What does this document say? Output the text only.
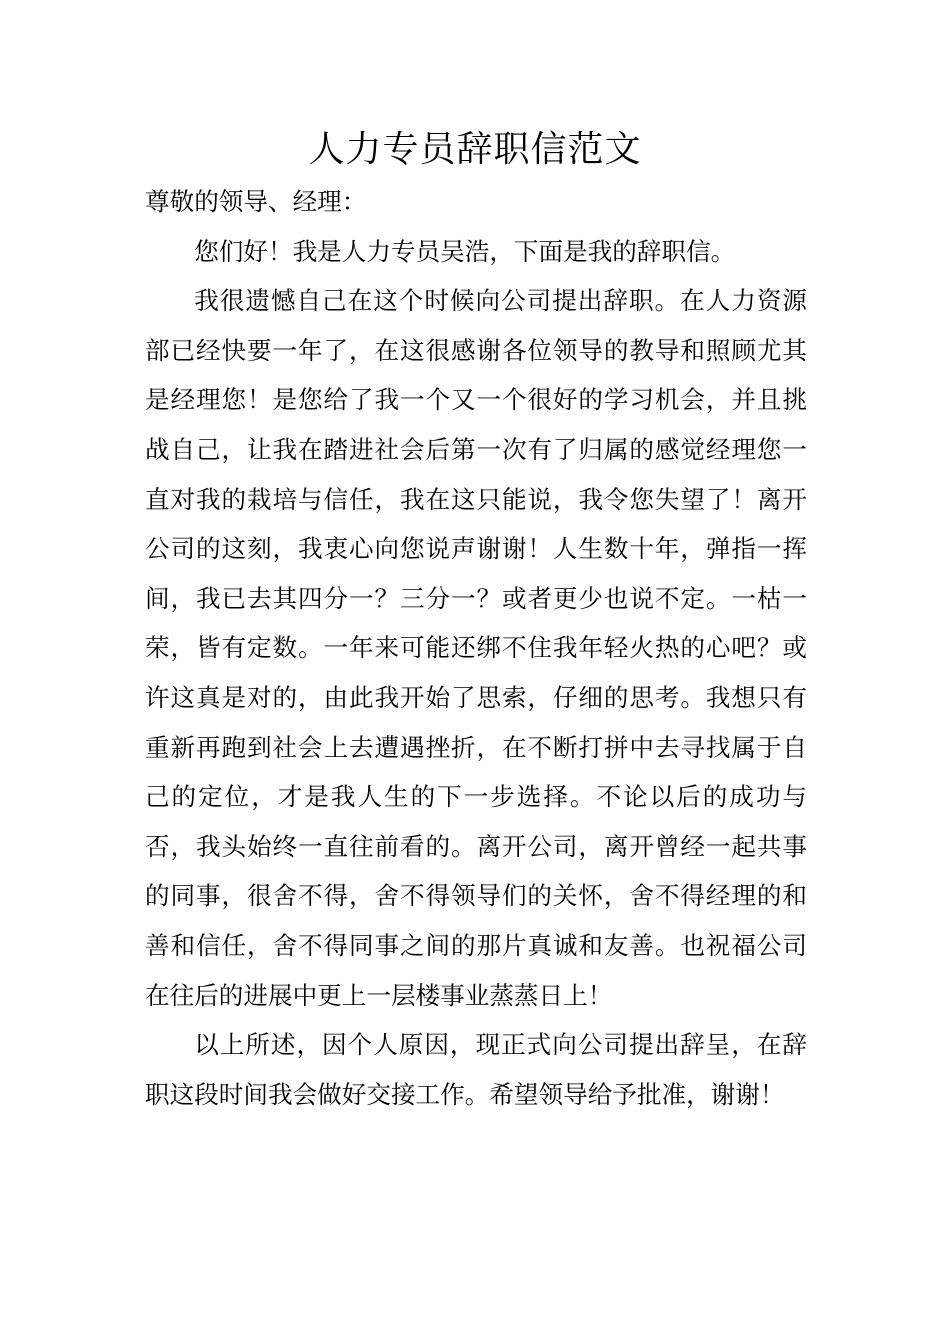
人力专员辞职信范文

尊敬的领导、经理：

您们好！我是人力专员吴浩，下面是我的辞职信。

我很遗憾自己在这个时候向公司提出辞职。在人力资源部已经快要一年了，在这很感谢各位领导的教导和照顾尤其是经理您！是您给了我一个又一个很好的学习机会，并且挑战自己，让我在踏进社会后第一次有了归属的感觉经理您一直对我的栽培与信任，我在这只能说，我令您失望了！离开公司的这刻，我衷心向您说声谢谢！人生数十年，弹指一挥间，我已去其四分一？三分一？或者更少也说不定。一枯一荣，皆有定数。一年来可能还绑不住我年轻火热的心吧？或许这真是对的，由此我开始了思索，仔细的思考。我想只有重新再跑到社会上去遭遇挫折，在不断打拼中去寻找属于自己的定位，才是我人生的下一步选择。不论以后的成功与否，我头始终一直往前看的。离开公司，离开曾经一起共事的同事，很舍不得，舍不得领导们的关怀，舍不得经理的和善和信任，舍不得同事之间的那片真诚和友善。也祝福公司在往后的进展中更上一层楼事业蒸蒸日上！

以上所述，因个人原因，现正式向公司提出辞呈，在辞职这段时间我会做好交接工作。希望领导给予批准，谢谢！
